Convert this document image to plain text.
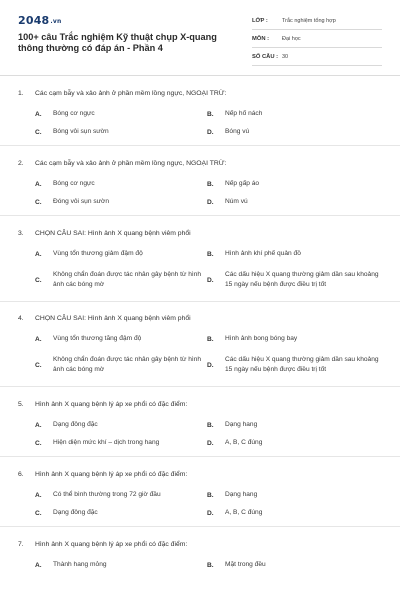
2048.vn
100+ câu Trắc nghiệm Kỹ thuật chụp X-quang thông thường có đáp án - Phần 4
LỚP :	Trắc nghiệm tổng hợp
MÔN :	Đại học
SỐ CÂU : 30
1.	Các cạm bẫy và xảo ảnh ở phần mềm lồng ngực, NGOẠI TRỪ:
A.	Bóng cơ ngực	B.	Nếp hố nách
C.	Bóng vôi sụn sườn	D.	Bóng vú
2.	Các cạm bẫy và xảo ảnh ở phần mềm lồng ngực, NGOẠI TRỪ:
A.	Bóng cơ ngực	B.	Nếp gấp áo
C.	Đóng vôi sụn sườn	D.	Núm vú
3.	CHỌN CÂU SAI: Hình ảnh X quang bệnh viêm phổi
A.	Vùng tổn thương giảm đậm độ	B.	Hình ảnh khí phế quản đồ
C.
Không chẩn đoán được tác nhân gây bệnh từ hình ảnh các bóng mờ
D.
Các dấu hiệu X quang thường giảm dần sau khoảng 15 ngày nếu bệnh được điều trị tốt
4.	CHỌN CÂU SAI: Hình ảnh X quang bệnh viêm phổi
A.	Vùng tổn thương tăng đậm độ	B.	Hình ảnh bong bóng bay
C.
Không chẩn đoán được tác nhân gây bệnh từ hình ảnh các bóng mờ
D.
Các dấu hiệu X quang thường giảm dần sau khoảng 15 ngày nếu bệnh được điều trị tốt
5.	Hình ảnh X quang bệnh lý áp xe phổi có đặc điểm:
A.	Dạng đông đặc	B.	Dạng hang
C.	Hiện diện mức khí – dịch trong hang	D.	A, B, C đúng
6.	Hình ảnh X quang bệnh lý áp xe phổi có đặc điểm:
A.	Có thể bình thường trong 72 giờ đầu	B.	Dạng hang
C.	Dạng đông đặc	D.	A, B, C đúng
7.	Hình ảnh X quang bệnh lý áp xe phổi có đặc điểm:
A.	Thành hang mỏng	B.	Mặt trong đều
